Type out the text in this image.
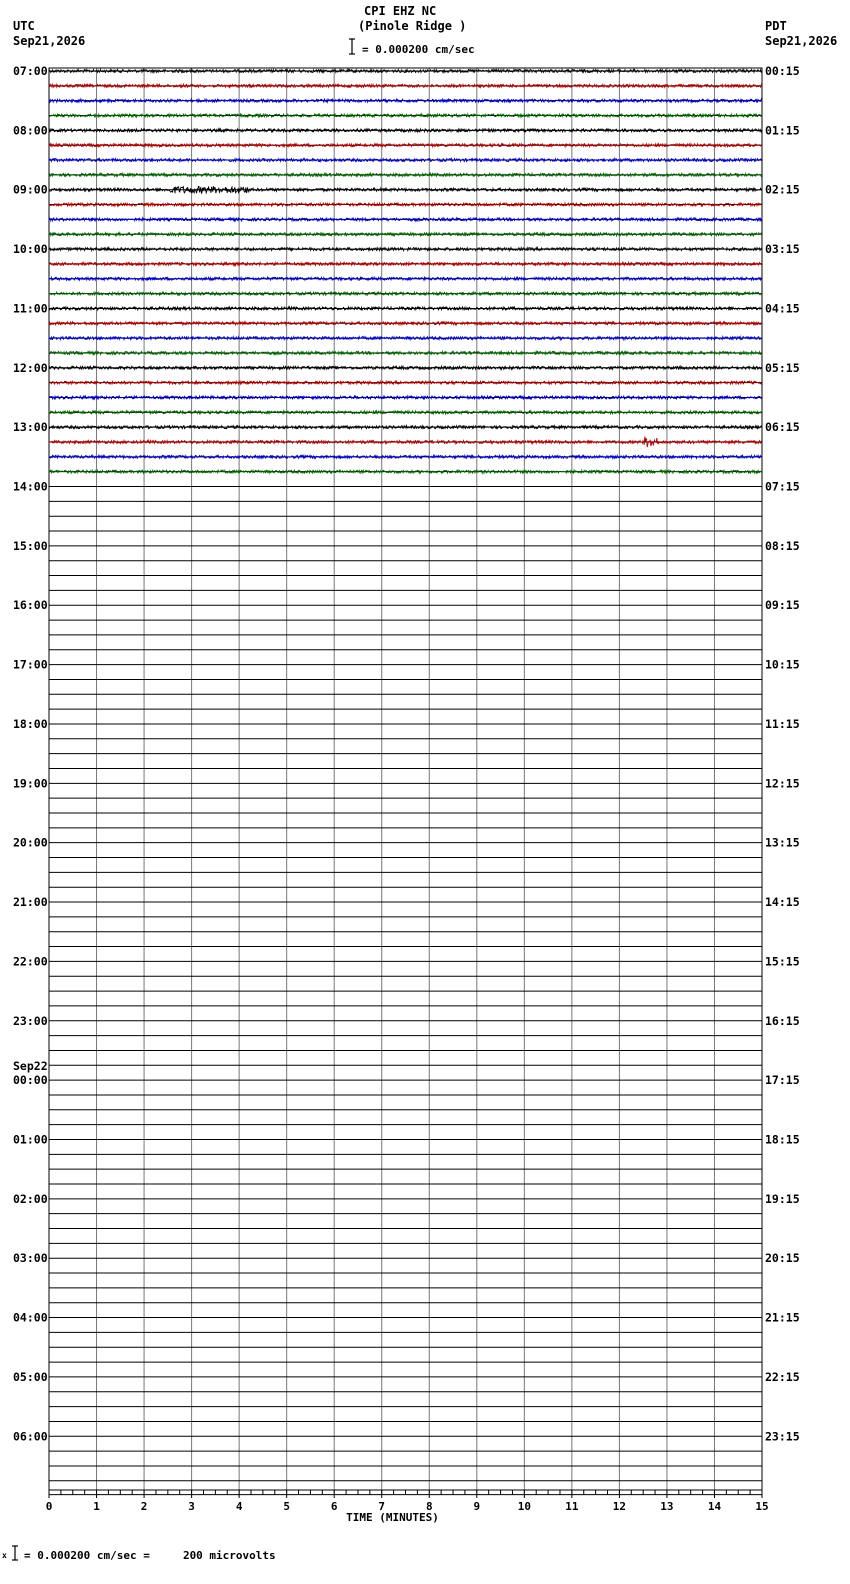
CPI EHZ NC
(Pinole Ridge )
UTC
Sep21,2026
PDT
Sep21,2026
= 0.000200 cm/sec
= 0.000200 cm/sec =     200 microvolts
x
07:00
08:00
09:00
10:00
11:00
12:00
13:00
14:00
15:00
16:00
17:00
18:00
19:00
20:00
21:00
22:00
23:00
00:00
Sep22
01:00
02:00
03:00
04:00
05:00
06:00
00:15
01:15
02:15
03:15
04:15
05:15
06:15
07:15
08:15
09:15
10:15
11:15
12:15
13:15
14:15
15:15
16:15
17:15
18:15
19:15
20:15
21:15
22:15
23:15
0	1	2	3	4	5	6	7	8	9	10	11	12	13	14	15
TIME (MINUTES)
